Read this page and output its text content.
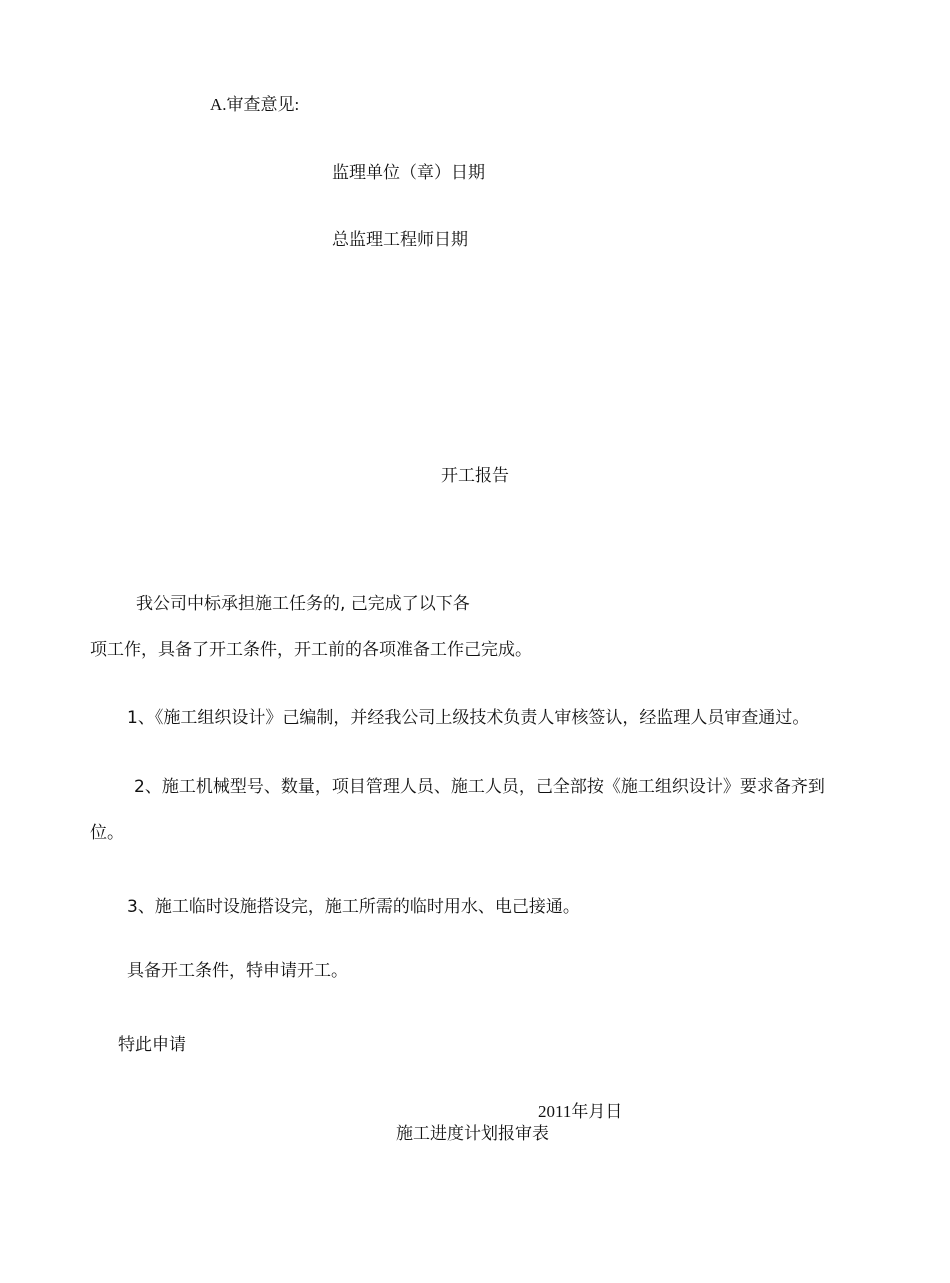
A.审查意见:
监理单位（章）日期
总监理工程师日期
开工报告
我公司中标承担施工任务的, 己完成了以下各
项工作，具备了开工条件，开工前的各项准备工作己完成。
1、《施工组织设计》己编制，并经我公司上级技术负责人审核签认，经监理人员审查通过。
2、施工机械型号、数量，项目管理人员、施工人员，己全部按《施工组织设计》要求备齐到
位。
3、施工临时设施搭设完，施工所需的临时用水、电己接通。
具备开工条件，特申请开工。
特此申请
2011年月日
施工进度计划报审表
